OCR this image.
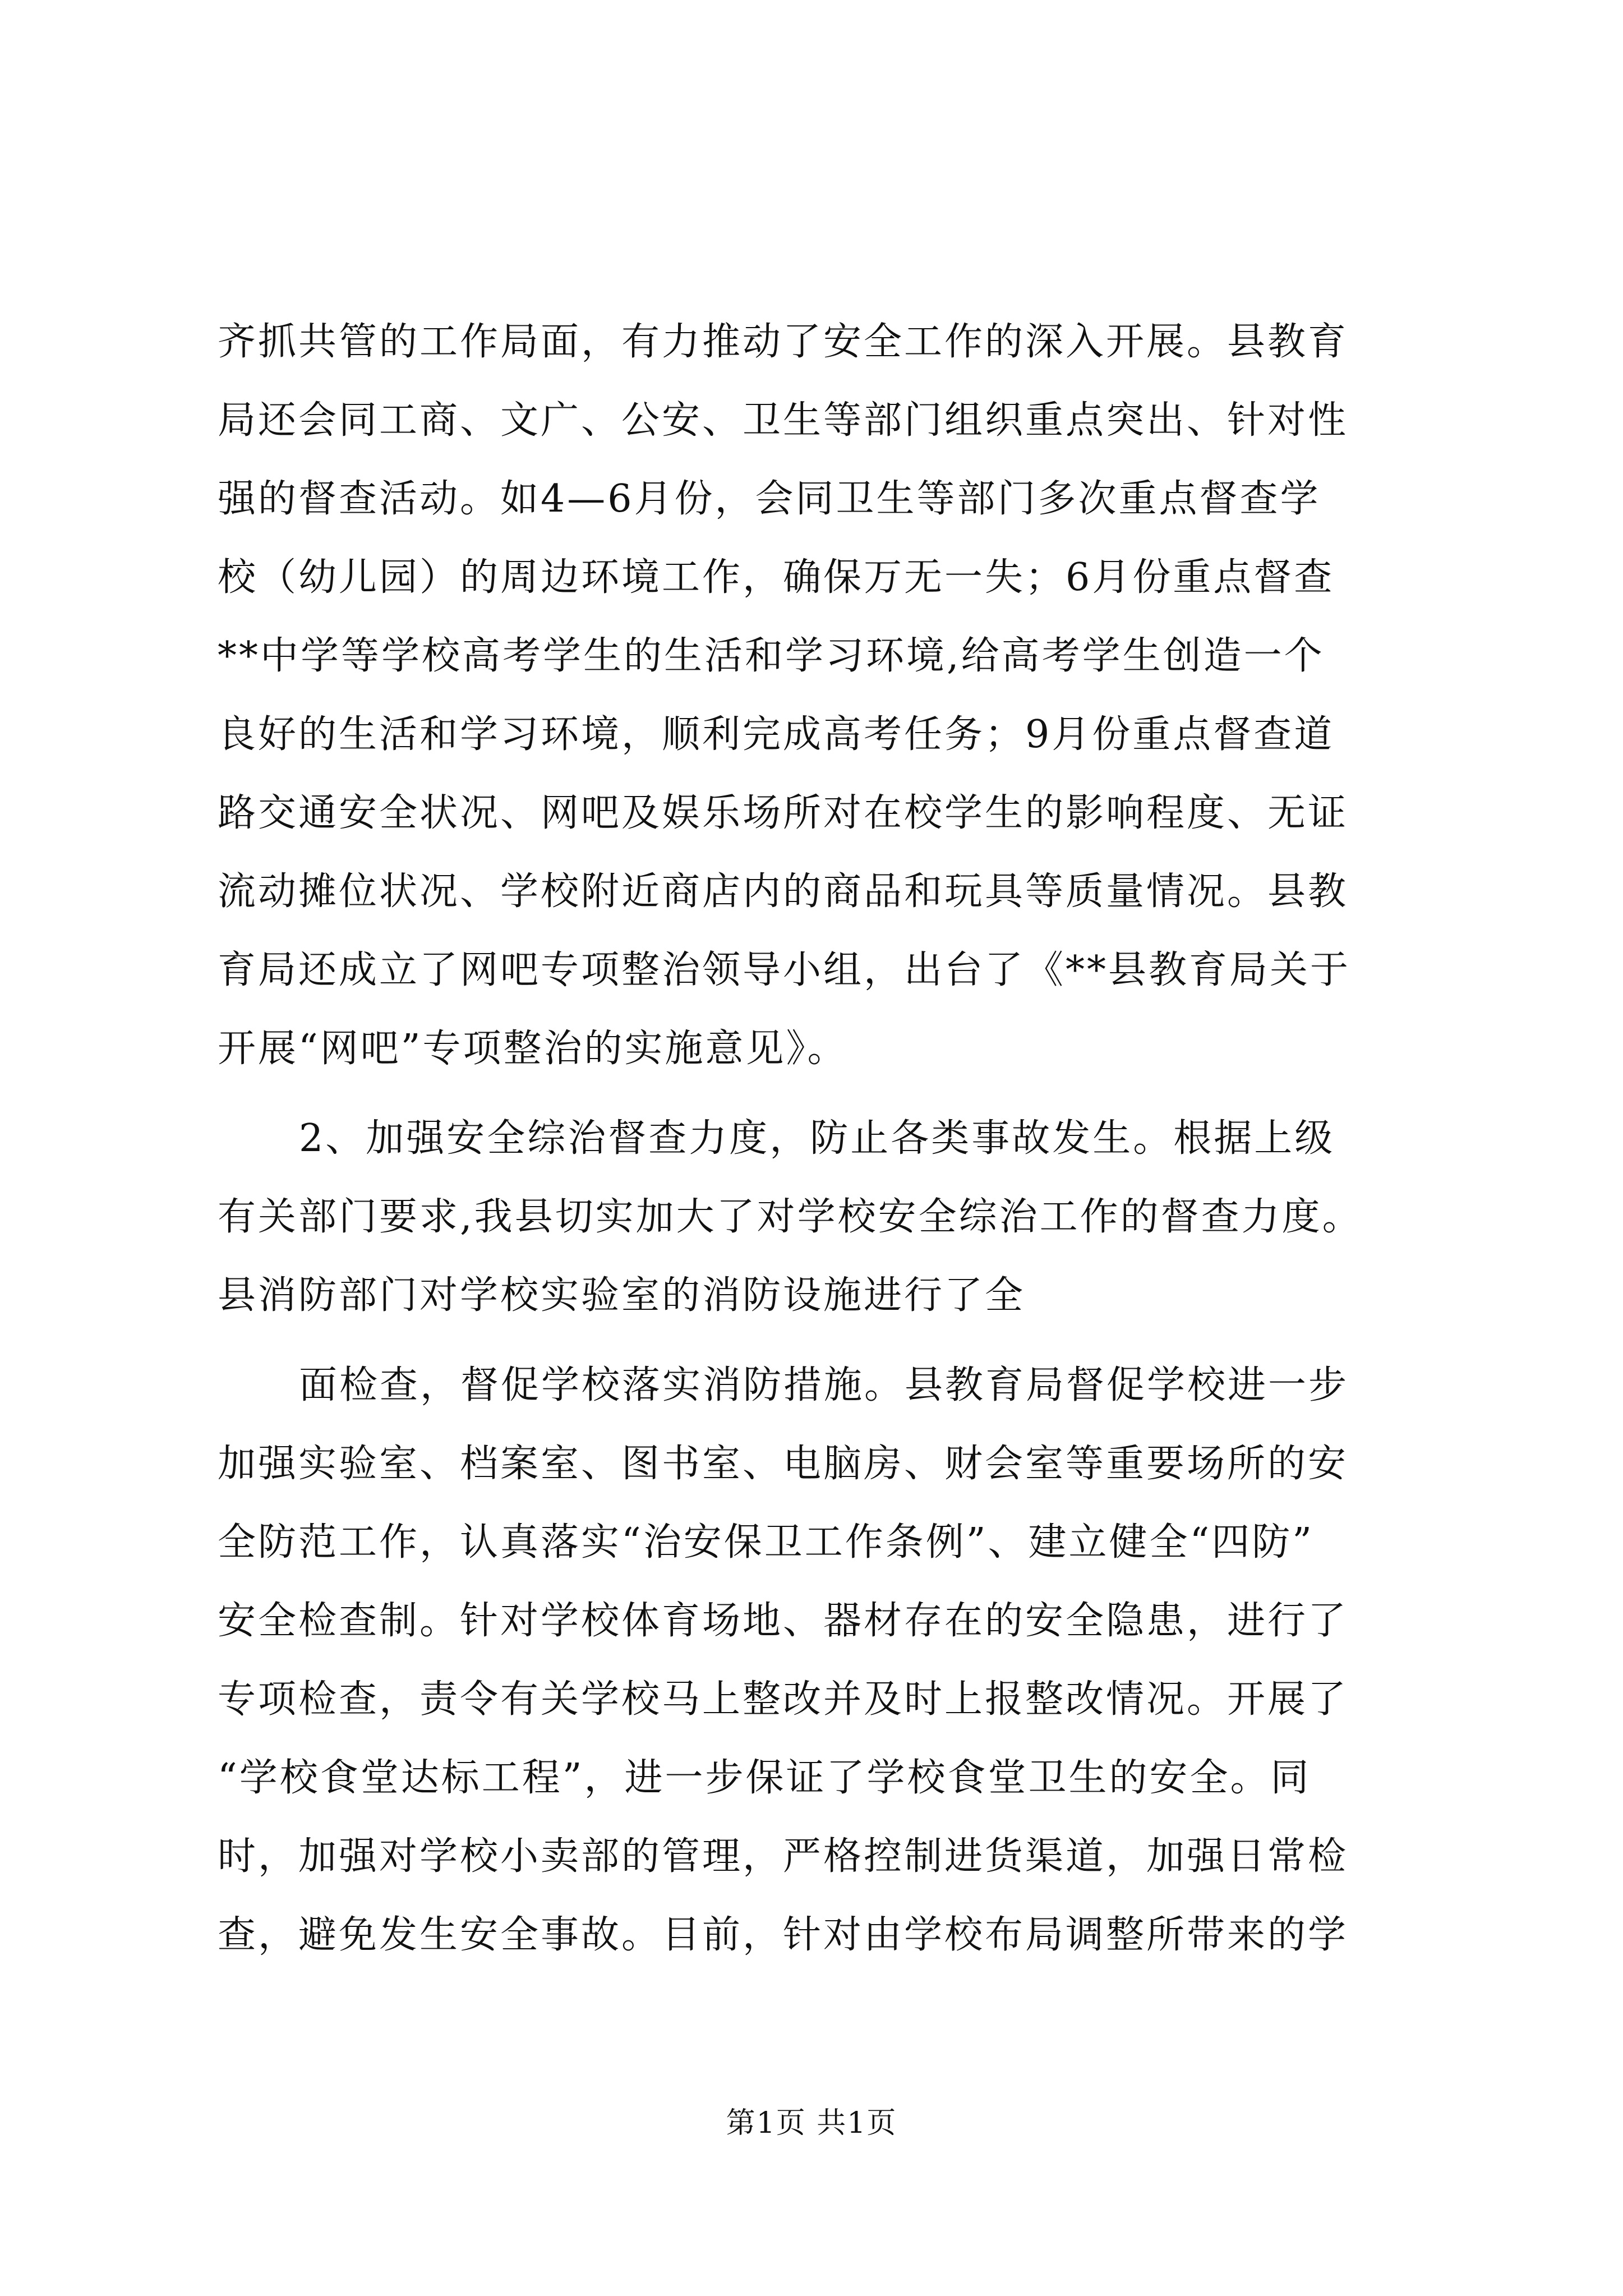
齐抓共管的工作局面，有力推动了安全工作的深入开展。县教育
局还会同工商、文广、公安、卫生等部门组织重点突出、针对性
强的督查活动。如4—6月份，会同卫生等部门多次重点督查学
校（幼儿园）的周边环境工作，确保万无一失；6月份重点督查
**中学等学校高考学生的生活和学习环境,给高考学生创造一个
良好的生活和学习环境，顺利完成高考任务；9月份重点督查道
路交通安全状况、网吧及娱乐场所对在校学生的影响程度、无证
流动摊位状况、学校附近商店内的商品和玩具等质量情况。县教
育局还成立了网吧专项整治领导小组，出台了《**县教育局关于
开展“网吧”专项整治的实施意见》。
2、加强安全综治督查力度，防止各类事故发生。根据上级
有关部门要求,我县切实加大了对学校安全综治工作的督查力度。
县消防部门对学校实验室的消防设施进行了全
面检查，督促学校落实消防措施。县教育局督促学校进一步
加强实验室、档案室、图书室、电脑房、财会室等重要场所的安
全防范工作，认真落实“治安保卫工作条例”、建立健全“四防”
安全检查制。针对学校体育场地、器材存在的安全隐患，进行了
专项检查，责令有关学校马上整改并及时上报整改情况。开展了
“学校食堂达标工程”，进一步保证了学校食堂卫生的安全。同
时，加强对学校小卖部的管理，严格控制进货渠道，加强日常检
查，避免发生安全事故。目前，针对由学校布局调整所带来的学
第1页 共1页
